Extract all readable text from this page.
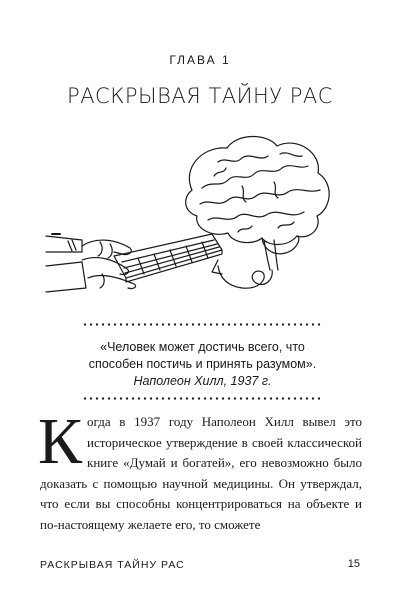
ГЛАВА 1
РАСКРЫВАЯ ТАЙНУ РАС
«Человек может достичь всего, что
способен постичь и принять разумом».
Наполеон Хилл, 1937 г.
К огда в 1937 году Наполеон Хилл вывел это историческое утверждение в своей классической книге «Думай и богатей», его невозможно было доказать с помощью научной медицины. Он утверждал, что если вы способны концентрироваться на объекте и по-настоящему желаете его, то сможете

РАСКРЫВАЯ ТАЙНУ РАС	15
